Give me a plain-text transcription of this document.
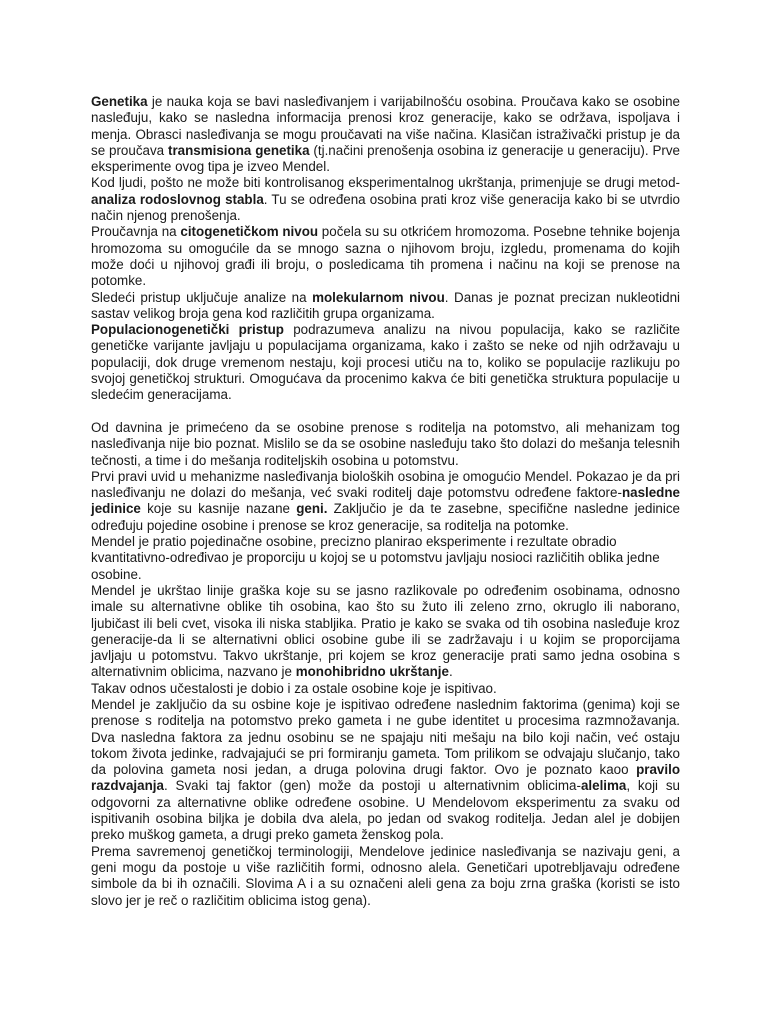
Genetika je nauka koja se bavi nasleđivanjem i varijabilnošću osobina. Proučava kako se osobine nasleđuju, kako se nasledna informacija prenosi kroz generacije, kako se održava, ispoljava i menja. Obrasci nasleđivanja se mogu proučavati na više načina. Klasičan istraživački pristup je da se proučava transmisiona genetika (tj.načini prenošenja osobina iz generacije u generaciju). Prve eksperimente ovog tipa je izveo Mendel.

Kod ljudi, pošto ne može biti kontrolisanog eksperimentalnog ukrštanja, primenjuje se drugi metod-analiza rodoslovnog stabla. Tu se određena osobina prati kroz više generacija kako bi se utvrdio način njenog prenošenja.

Proučavnja na citogenetičkom nivou počela su su otkrićem hromozoma. Posebne tehnike bojenja hromozoma su omogućile da se mnogo sazna o njihovom broju, izgledu, promenama do kojih može doći u njihovoj građi ili broju, o posledicama tih promena i načinu na koji se prenose na potomke.

Sledeći pristup uključuje analize na molekularnom nivou. Danas je poznat precizan nukleotidni sastav velikog broja gena kod različitih grupa organizama.

Populacionogenetički pristup podrazumeva analizu na nivou populacija, kako se različite genetičke varijante javljaju u populacijama organizama, kako i zašto se neke od njih održavaju u populaciji, dok druge vremenom nestaju, koji procesi utiču na to, koliko se populacije razlikuju po svojoj genetičkoj strukturi. Omogućava da procenimo kakva će biti genetička struktura populacije u sledećim generacijama.

Od davnina je primećeno da se osobine prenose s roditelja na potomstvo, ali mehanizam tog nasleđivanja nije bio poznat. Mislilo se da se osobine nasleđuju tako što dolazi do mešanja telesnih tečnosti, a time i do mešanja roditeljskih osobina u potomstvu.

Prvi pravi uvid u mehanizme nasleđivanja bioloških osobina je omogućio Mendel. Pokazao je da pri nasleđivanju ne dolazi do mešanja, već svaki roditelj daje potomstvu određene faktore-nasledne jedinice koje su kasnije nazane geni. Zaključio je da te zasebne, specifične nasledne jedinice određuju pojedine osobine i prenose se kroz generacije, sa roditelja na potomke.

Mendel je pratio pojedinačne osobine, precizno planirao eksperimente i rezultate obradio kvantitativno-određivao je proporciju u kojoj se u potomstvu javljaju nosioci različitih oblika jedne osobine.

Mendel je ukrštao linije graška koje su se jasno razlikovale po određenim osobinama, odnosno imale su alternativne oblike tih osobina, kao što su žuto ili zeleno zrno, okruglo ili naborano, ljubičast ili beli cvet, visoka ili niska stabljika. Pratio je kako se svaka od tih osobina nasleđuje kroz generacije-da li se alternativni oblici osobine gube ili se zadržavaju i u kojim se proporcijama javljaju u potomstvu. Takvo ukrštanje, pri kojem se kroz generacije prati samo jedna osobina s alternativnim oblicima, nazvano je monohibridno ukrštanje.

Takav odnos učestalosti je dobio i za ostale osobine koje je ispitivao.

Mendel je zaključio da su osbine koje je ispitivao određene naslednim faktorima (genima) koji se prenose s roditelja na potomstvo preko gameta i ne gube identitet u procesima razmnožavanja. Dva nasledna faktora za jednu osobinu se ne spajaju niti mešaju na bilo koji način, već ostaju tokom života jedinke, radvajajući se pri formiranju gameta. Tom prilikom se odvajaju slučanjo, tako da polovina gameta nosi jedan, a druga polovina drugi faktor. Ovo je poznato kaoo pravilo razdvajanja. Svaki taj faktor (gen) može da postoji u alternativnim oblicima-alelima, koji su odgovorni za alternativne oblike određene osobine. U Mendelovom eksperimentu za svaku od ispitivanih osobina biljka je dobila dva alela, po jedan od svakog roditelja. Jedan alel je dobijen preko muškog gameta, a drugi preko gameta ženskog pola.

Prema savremenoj genetičkoj terminologiji, Mendelove jedinice nasleđivanja se nazivaju geni, a geni mogu da postoje u više različitih formi, odnosno alela. Genetičari upotrebljavaju određene simbole da bi ih označili. Slovima A i a su označeni aleli gena za boju zrna graška (koristi se isto slovo jer je reč o različitim oblicima istog gena).
